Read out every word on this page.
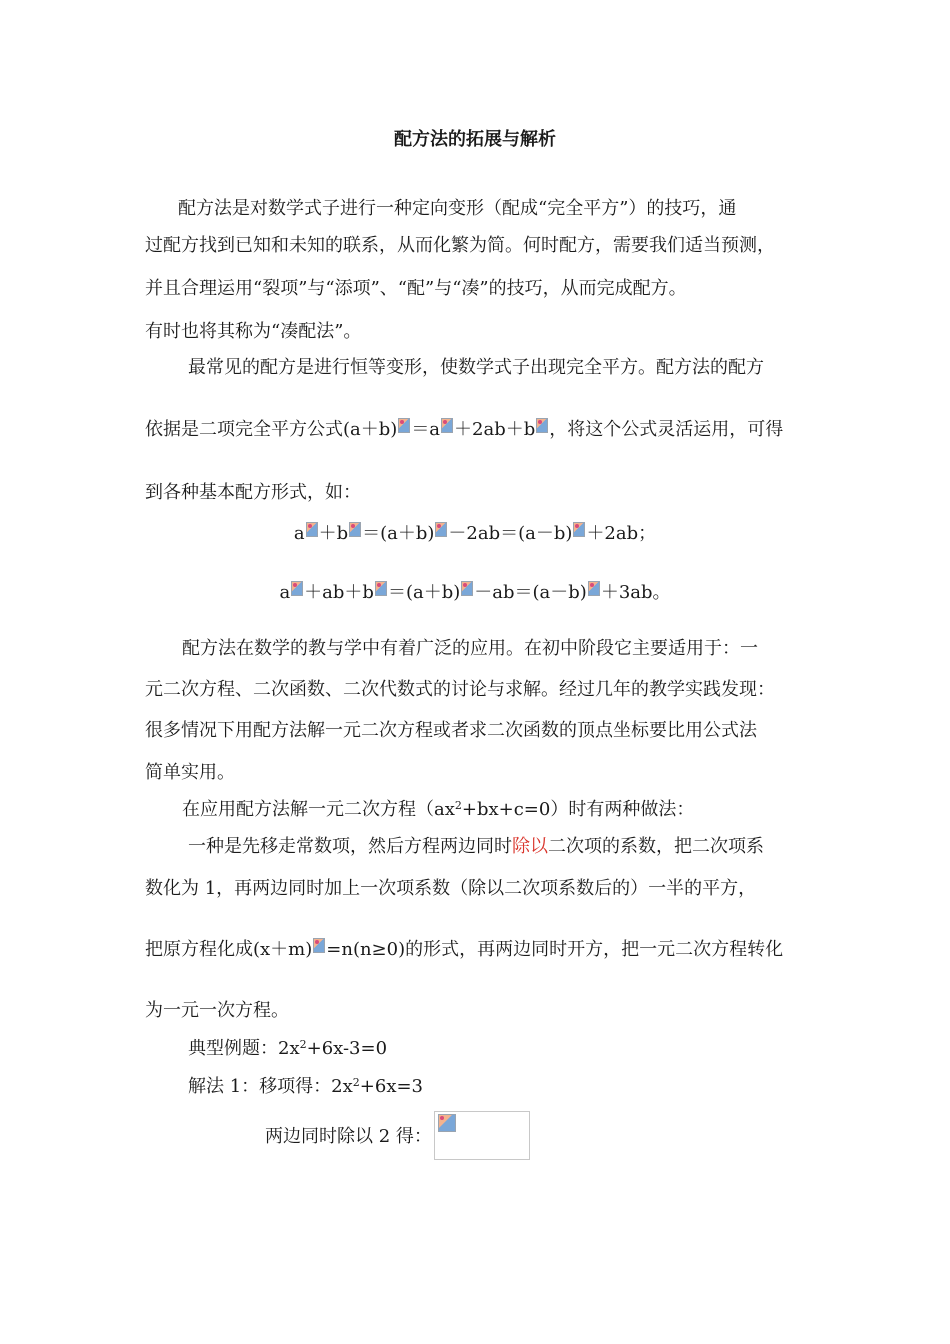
配方法的拓展与解析
配方法是对数学式子进行一种定向变形（配成“完全平方”）的技巧，通
过配方找到已知和未知的联系，从而化繁为简。何时配方，需要我们适当预测，
并且合理运用“裂项”与“添项”、“配”与“凑”的技巧，从而完成配方。
有时也将其称为“凑配法”。
最常见的配方是进行恒等变形，使数学式子出现完全平方。配方法的配方
依据是二项完全平方公式(a＋b) ＝a ＋2ab＋b ，将这个公式灵活运用，可得
到各种基本配方形式，如：
a ＋b ＝(a＋b) －2ab＝(a－b) ＋2ab；
a ＋ab＋b ＝(a＋b) －ab＝(a－b) ＋3ab。
配方法在数学的教与学中有着广泛的应用。在初中阶段它主要适用于：一
元二次方程、二次函数、二次代数式的讨论与求解。经过几年的教学实践发现：
很多情况下用配方法解一元二次方程或者求二次函数的顶点坐标要比用公式法
简单实用。
在应用配方法解一元二次方程$(ax^2+bx+c=0)$时有两种做法：
一种是先移走常数项，然后方程两边同时除以二次项的系数，把二次项系
数化为 1，再两边同时加上一次项系数（除以二次项系数后的）一半的平方，
把原方程化成(x＋m) =n(n≥0)的形式，再两边同时开方，把一元二次方程转化
为一元一次方程。
典型例题：$2x^2+6x-3=0$
解法 1：移项得：$2x^2+6x=3$
两边同时除以 2 得：
